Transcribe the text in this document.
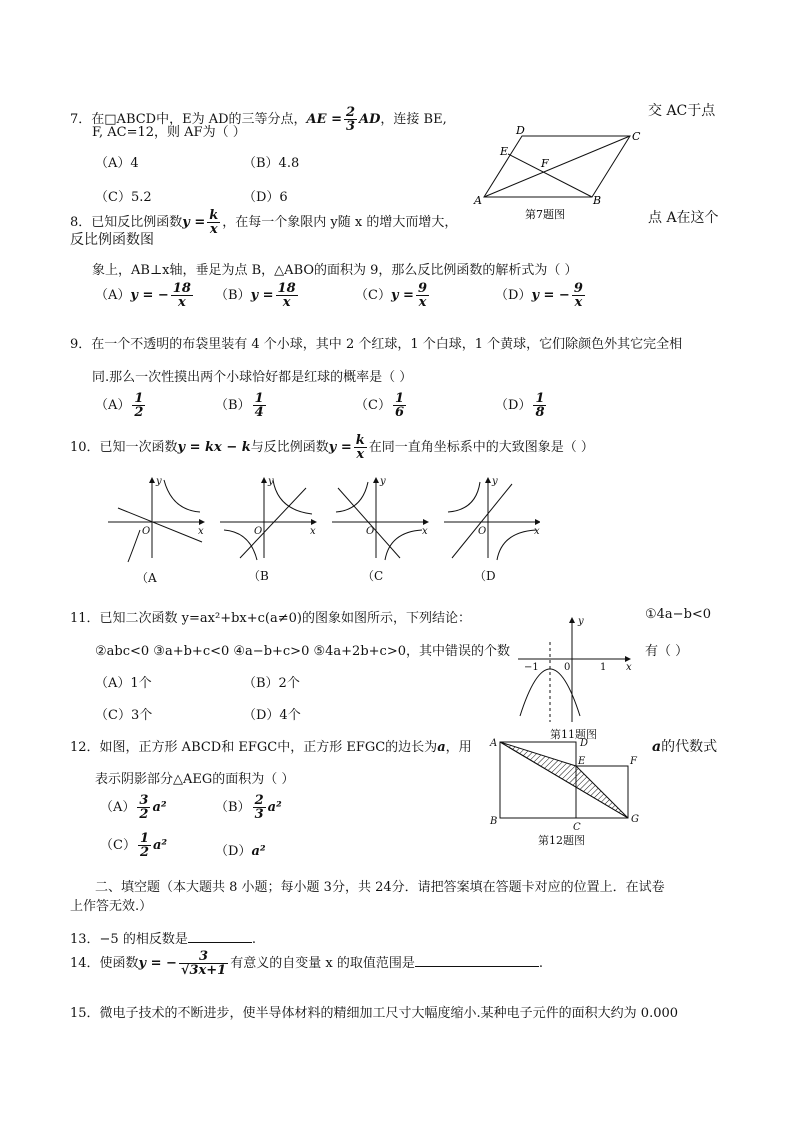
7．在□ABCD中，E为 AD的三等分点，AE = $\frac{2}{3}$ AD，连接 BE,
交 AC于点
F, AC=12，则 AF为（ ）
（A）4	（B）4.8
（C）5.2	（D）6	A	B
C
D
E
F
第7题图
8．已知反比例函数$y = \frac{k}{x}$ ，在每一个象限内 y随 x 的增大而增大，	点 A在这个
反比例函数图
象上，AB⊥x轴，垂足为点 B，△ABO的面积为 9，那么反比例函数的解析式为（ ）
（A）y = − $\frac{18}{x} (B)y = \frac{18}{x}$	$(C)y = \frac{9}{x}$	（D）y = − $\frac{9}{x}$
9．在一个不透明的布袋里装有 4 个小球，其中 2 个红球，1 个白球，1 个黄球，它们除颜色外其它完全相
同.那么一次性摸出两个小球恰好都是红球的概率是（ ）
$(A) \frac{1}{2}$	$(B) \frac{1}{4}$	$(C) \frac{1}{6}$	$(D) \frac{1}{8}$
10．已知一次函数y = kx − k与反比例函数$y = \frac{k}{x}$ 在同一直角坐标系中的大致图象是（ ）
y
x
O
y
x
O
y
x
O
y
x
O
（A	（B	（C	（D
11．已知二次函数 y=ax²+bx+c(a≠0)的图象如图所示，下列结论：	①4a−b<0
②abc<0 ③a+b+c<0 ④a−b+c>0 ⑤4a+2b+c>0，其中错误的个数	有（ ）
（A）1个	（B）2个
（C）3个	（D）4个
−1	0	1 x
y
第11题图
12．如图，正方形 ABCD和 EFGC中，正方形 EFGC的边长为a，用	a的代数式
表示阴影部分△AEG的面积为（ ）
$(A) \frac{3}{2} a^2$	$(B) \frac{2}{3} a^2$
$(C) \frac{1}{2} a^2$	（D）a²
A
B
C
D
E	F
G
第12题图
二、填空题（本大题共 8 小题；每小题 3分，共 24分．请把答案填在答题卡对应的位置上．在试卷
上作答无效.）
13．−5 的相反数是	.
14．使函数y = − $\frac{3}{√3x+1}$ 有意义的自变量 x 的取值范围是	.
15．微电子技术的不断进步，使半导体材料的精细加工尺寸大幅度缩小.某种电子元件的面积大约为 0.000
